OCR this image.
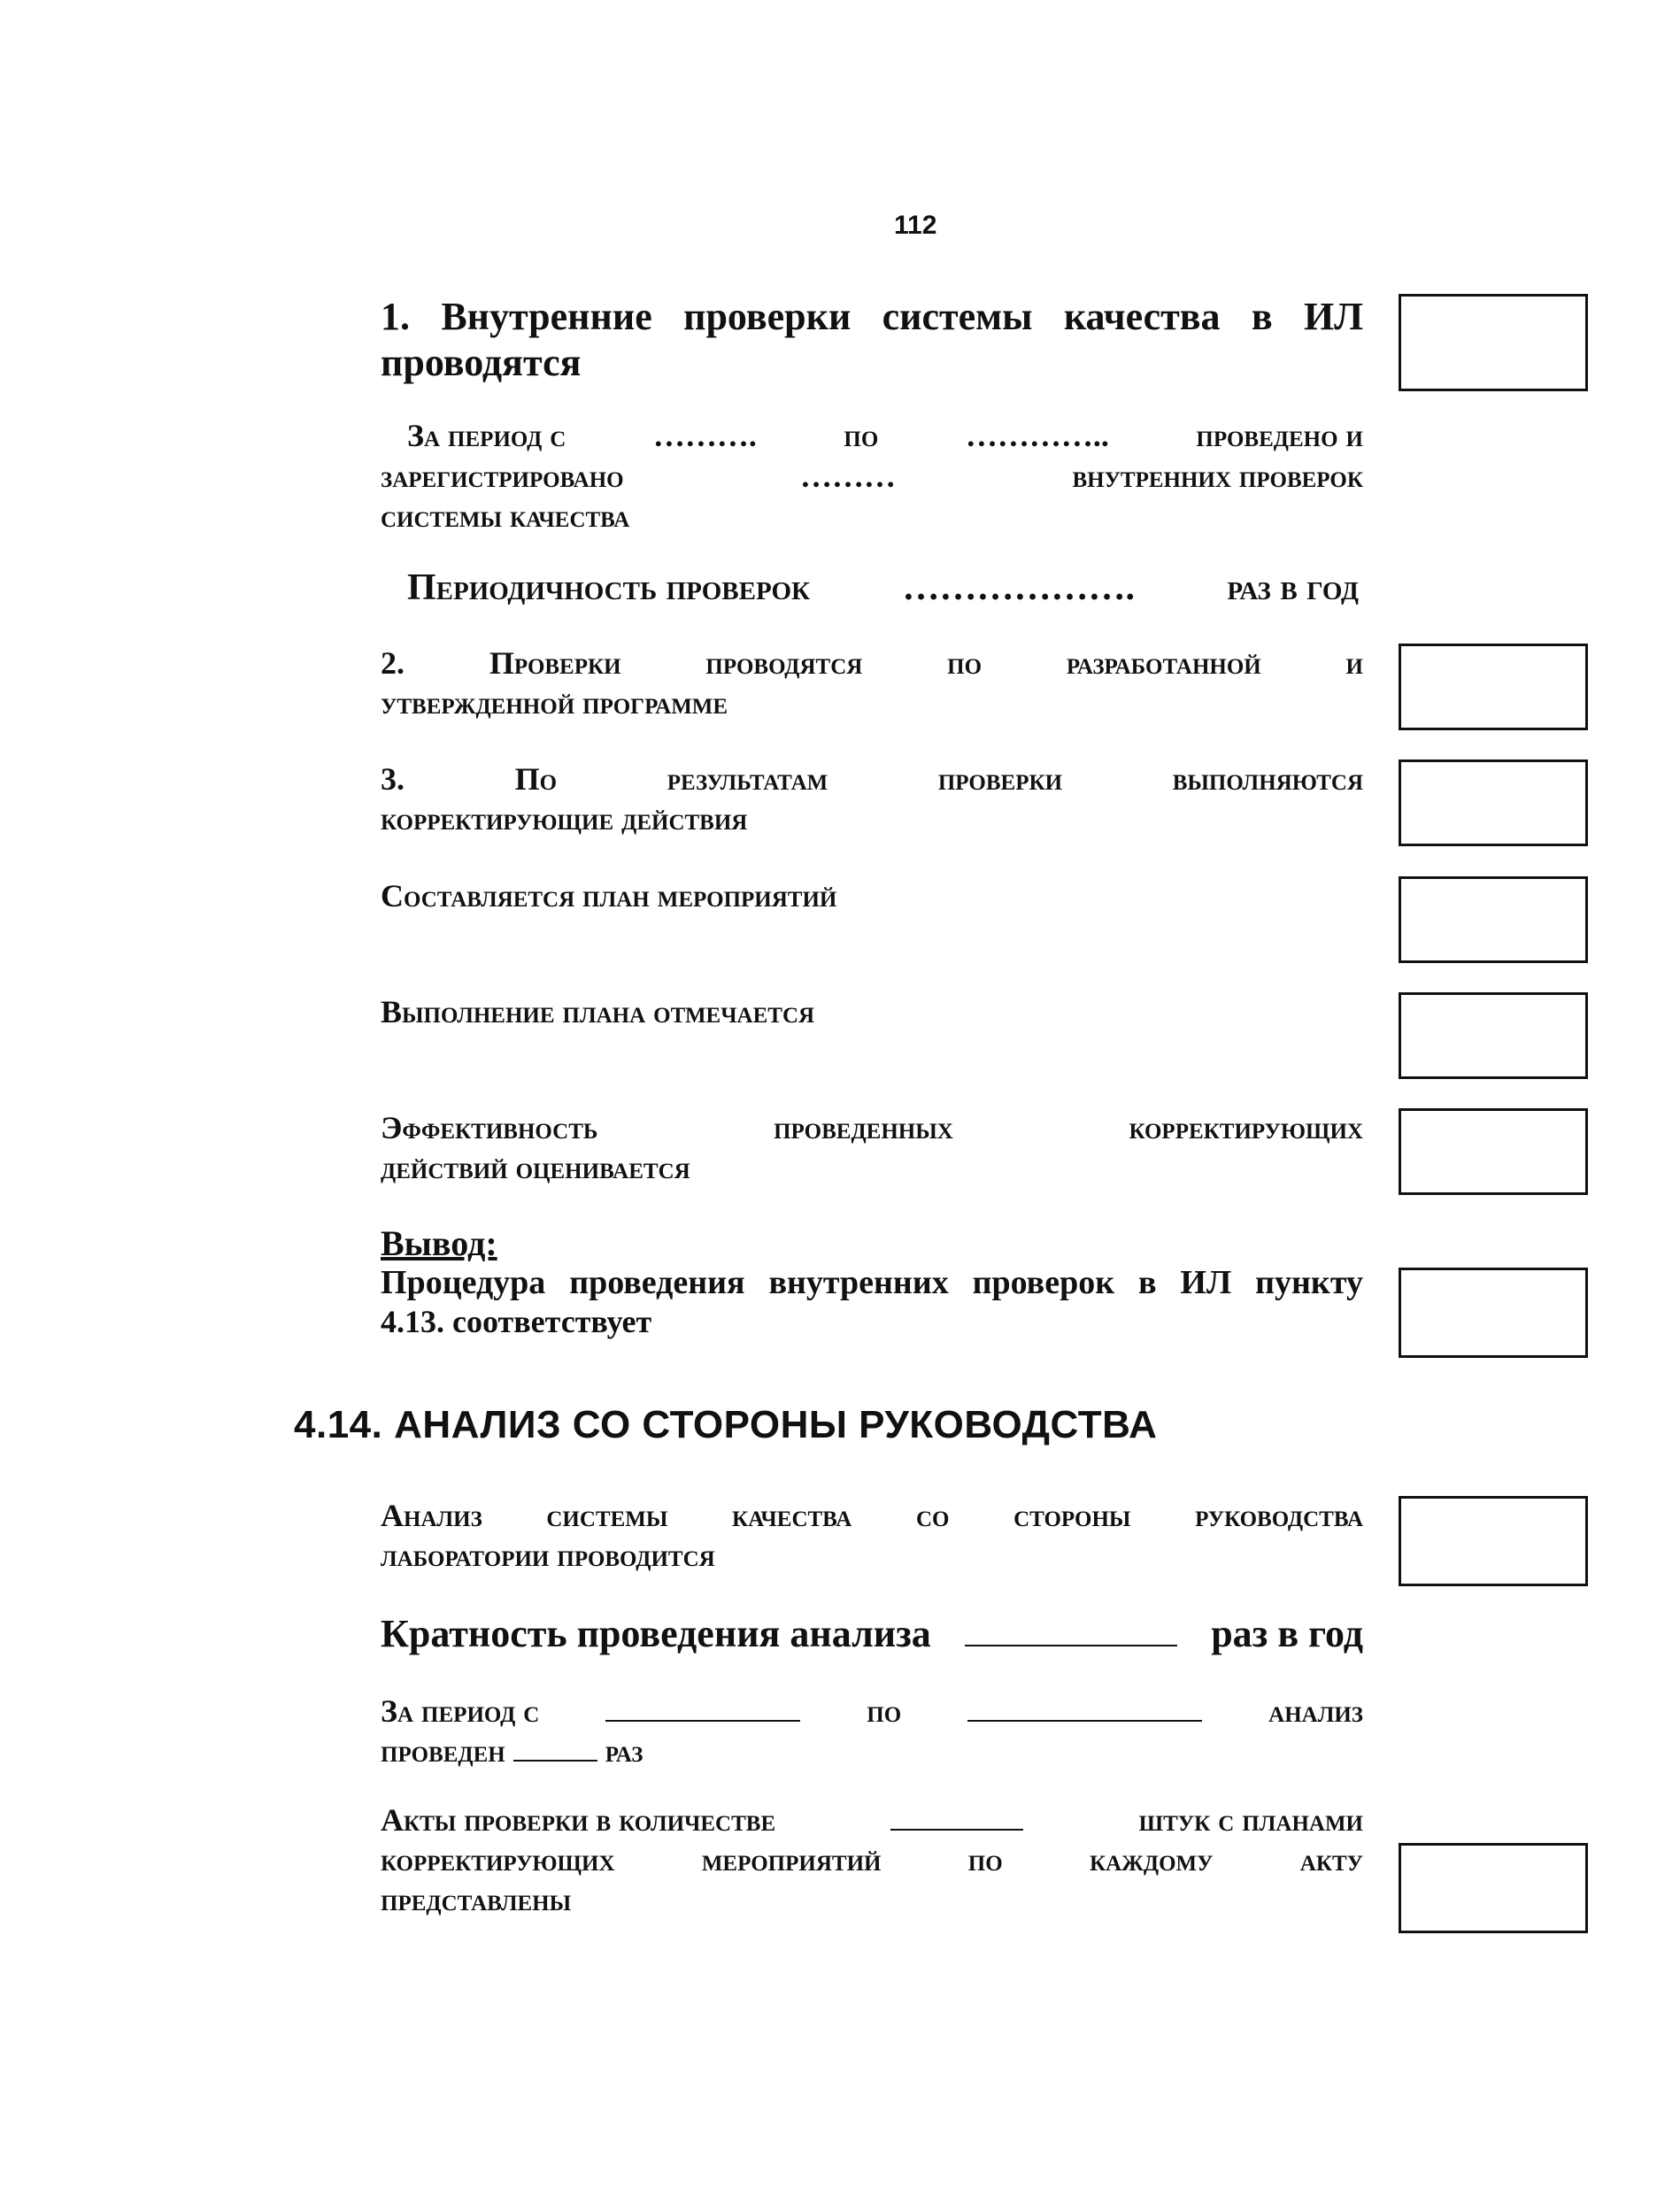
112
1. Внутренние проверки системы качества в ИЛ
проводятся
За период с	……….	по	…………..	проведено и
зарегистрировано	………	внутренних проверок
системы качества
Периодичность проверок ………………. раз в год
2. Проверки проводятся по разработанной и
утвержденной программе
3. По результатам проверки выполняются
корректирующие действия
Составляется план мероприятий
Выполнение плана отмечается
Эффективность проведенных корректирующих
действий оценивается
Вывод:
Процедура проведения внутренних проверок в ИЛ пункту
4.13. соответствует
4.14. АНАЛИЗ СО СТОРОНЫ РУКОВОДСТВА
Анализ системы качества со стороны руководства
лаборатории проводится
Кратность проведения анализа	раз в год
За период с	по	анализ
проведен	раз
Акты проверки в количестве	штук с планами
корректирующих мероприятий по каждому акту
представлены
